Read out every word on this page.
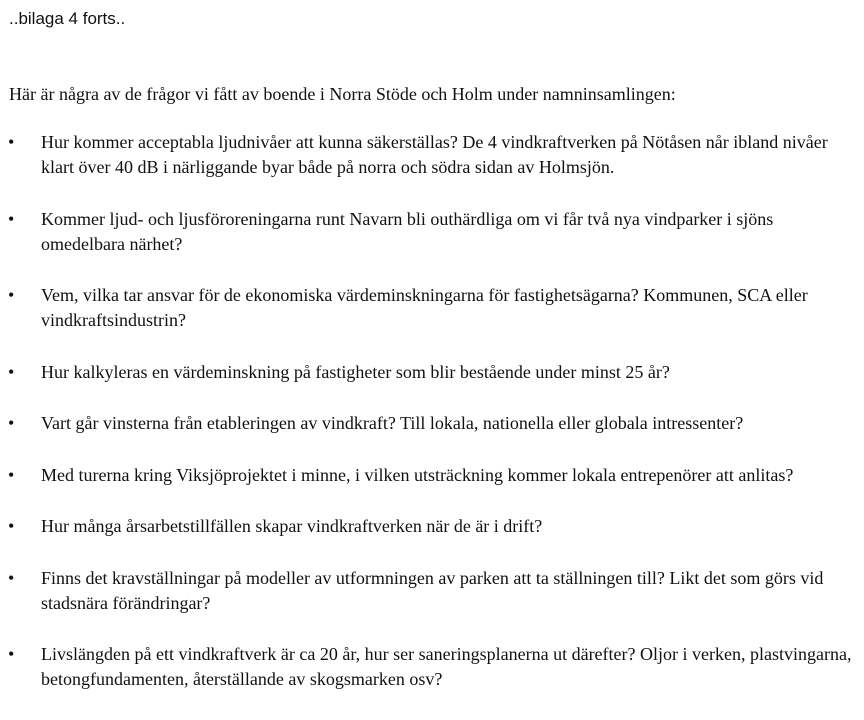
..bilaga 4 forts..

Här är några av de frågor vi fått av boende i Norra Stöde och Holm under namninsamlingen:

• Hur kommer acceptabla ljudnivåer att kunna säkerställas? De 4 vindkraftverken på Nötåsen når ibland nivåer klart över 40 dB i närliggande byar både på norra och södra sidan av Holmsjön.
• Kommer ljud- och ljusföroreningarna runt Navarn bli outhärdliga om vi får två nya vindparker i sjöns omedelbara närhet?
• Vem, vilka tar ansvar för de ekonomiska värdeminskningarna för fastighetsägarna? Kommunen, SCA eller vindkraftsindustrin?
• Hur kalkyleras en värdeminskning på fastigheter som blir bestående under minst 25 år?
• Vart går vinsterna från etableringen av vindkraft? Till lokala, nationella eller globala intressenter?
• Med turerna kring Viksjöprojektet i minne, i vilken utsträckning kommer lokala entrepenörer att anlitas?
• Hur många årsarbetstillfällen skapar vindkraftverken när de är i drift?
• Finns det kravställningar på modeller av utformningen av parken att ta ställningen till? Likt det som görs vid stadsnära förändringar?
• Livslängden på ett vindkraftverk är ca 20 år, hur ser saneringsplanerna ut därefter? Oljor i verken, plastvingarna, betongfundamenten, återställande av skogsmarken osv?
